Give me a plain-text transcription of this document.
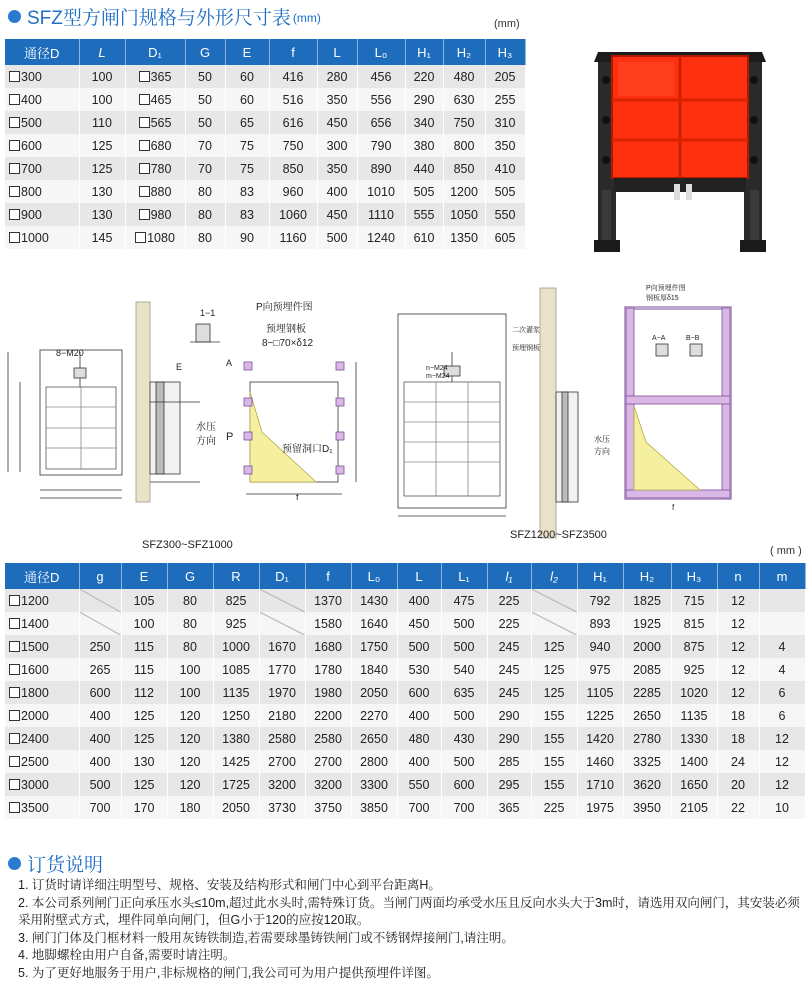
SFZ型方闸门规格与外形尺寸表 (mm)	(mm)
通径D	L	D₁	G	E	f	L	L₀	H₁	H₂	H₃
300	100	365	50	60	416	280	456	220	480	205
400	100	465	50	60	516	350	556	290	630	255
500	110	565	50	65	616	450	656	340	750	310
600	125	680	70	75	750	300	790	380	800	350
700	125	780	70	75	850	350	890	440	850	410
800	130	880	80	83	960	400	1010	505	1200	505
900	130	980	80	83	1060	450	1110	555	1050	550
1000	145	1080	80	90	1160	500	1240	610	1350	605
8−M20
1−1	P向预埋件图
预埋钢板
8−□70×δ12
预留洞口D₁
水压
方向 P
A
E
f
SFZ300~SFZ1000
n−M24
m−M24
二次灌浆
预埋钢板
水压
方向
P向预埋件图
钢板厚δ15
A−A	B−B
f
SFZ1200~SFZ3500
( mm )
通径D	g	E	G	R	D₁	f	L₀	L	L₁	l₁	l₂	H₁	H₂	H₃	n	m
1200		105	80	825		1370	1430	400	475	225		792	1825	715	12	
1400		100	80	925		1580	1640	450	500	225		893	1925	815	12	
1500	250	115	80	1000	1670	1680	1750	500	500	245	125	940	2000	875	12	4
1600	265	115	100	1085	1770	1780	1840	530	540	245	125	975	2085	925	12	4
1800	600	112	100	1135	1970	1980	2050	600	635	245	125	1105	2285	1020	12	6
2000	400	125	120	1250	2180	2200	2270	400	500	290	155	1225	2650	1135	18	6
2400	400	125	120	1380	2580	2580	2650	480	430	290	155	1420	2780	1330	18	12
2500	400	130	120	1425	2700	2700	2800	400	500	285	155	1460	3325	1400	24	12
3000	500	125	120	1725	3200	3200	3300	550	600	295	155	1710	3620	1650	20	12
3500	700	170	180	2050	3730	3750	3850	700	700	365	225	1975	3950	2105	22	10
订货说明
1. 订货时请详细注明型号、规格、安装及结构形式和闸门中心到平台距离H。
2. 本公司系列闸门正向承压水头≤10m,超过此水头时,需特殊订货。当闸门两面均承受水压且反向水头大于3m时，请选用双向闸门，其安装必须采用附壁式方式，埋件同单向闸门，但G小于120的应按120取。
3. 闸门门体及门框材料一般用灰铸铁制造,若需要球墨铸铁闸门或不锈钢焊接闸门,请注明。
4. 地脚螺栓由用户自备,需要时请注明。
5. 为了更好地服务于用户,非标规格的闸门,我公司可为用户提供预埋件详图。
